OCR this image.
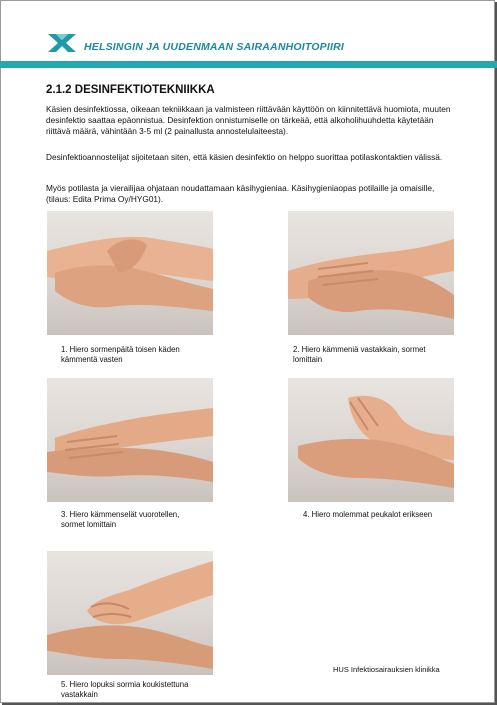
HELSINGIN JA UUDENMAAN SAIRAANHOITOPIIRI
2.1.2 DESINFEKTIOTEKNIIKKA
Käsien desinfektiossa, oikeaan tekniikkaan ja valmisteen riittävään käyttöön on kiinnitettävä huomiota, muuten desinfektio saattaa epäonnistua. Desinfektion onnistumiselle on tärkeää, että alkoholihuuhdetta käytetään riittävä määrä, vähintään 3-5 ml (2 painallusta annostelulaiteesta).
Desinfektioannostelijat sijoitetaan siten, että käsien desinfektio on helppo suorittaa potilaskontaktien välissä.
Myös potilasta ja vierailijaa ohjataan noudattamaan käsihygieniaa. Käsihygieniaopas potilaille ja omaisille, (tilaus: Edita Prima Oy/HYG01).
1. Hiero sormenpäitä toisen käden
kämmentä vasten
2. Hiero kämmeniä vastakkain, sormet
lomittain
3. Hiero kämmenselät vuorotellen,
sormet lomittain
4. Hiero molemmat peukalot erikseen
5. Hiero lopuksi sormia koukistettuna
vastakkain
HUS Infektiosairauksien klinikka
